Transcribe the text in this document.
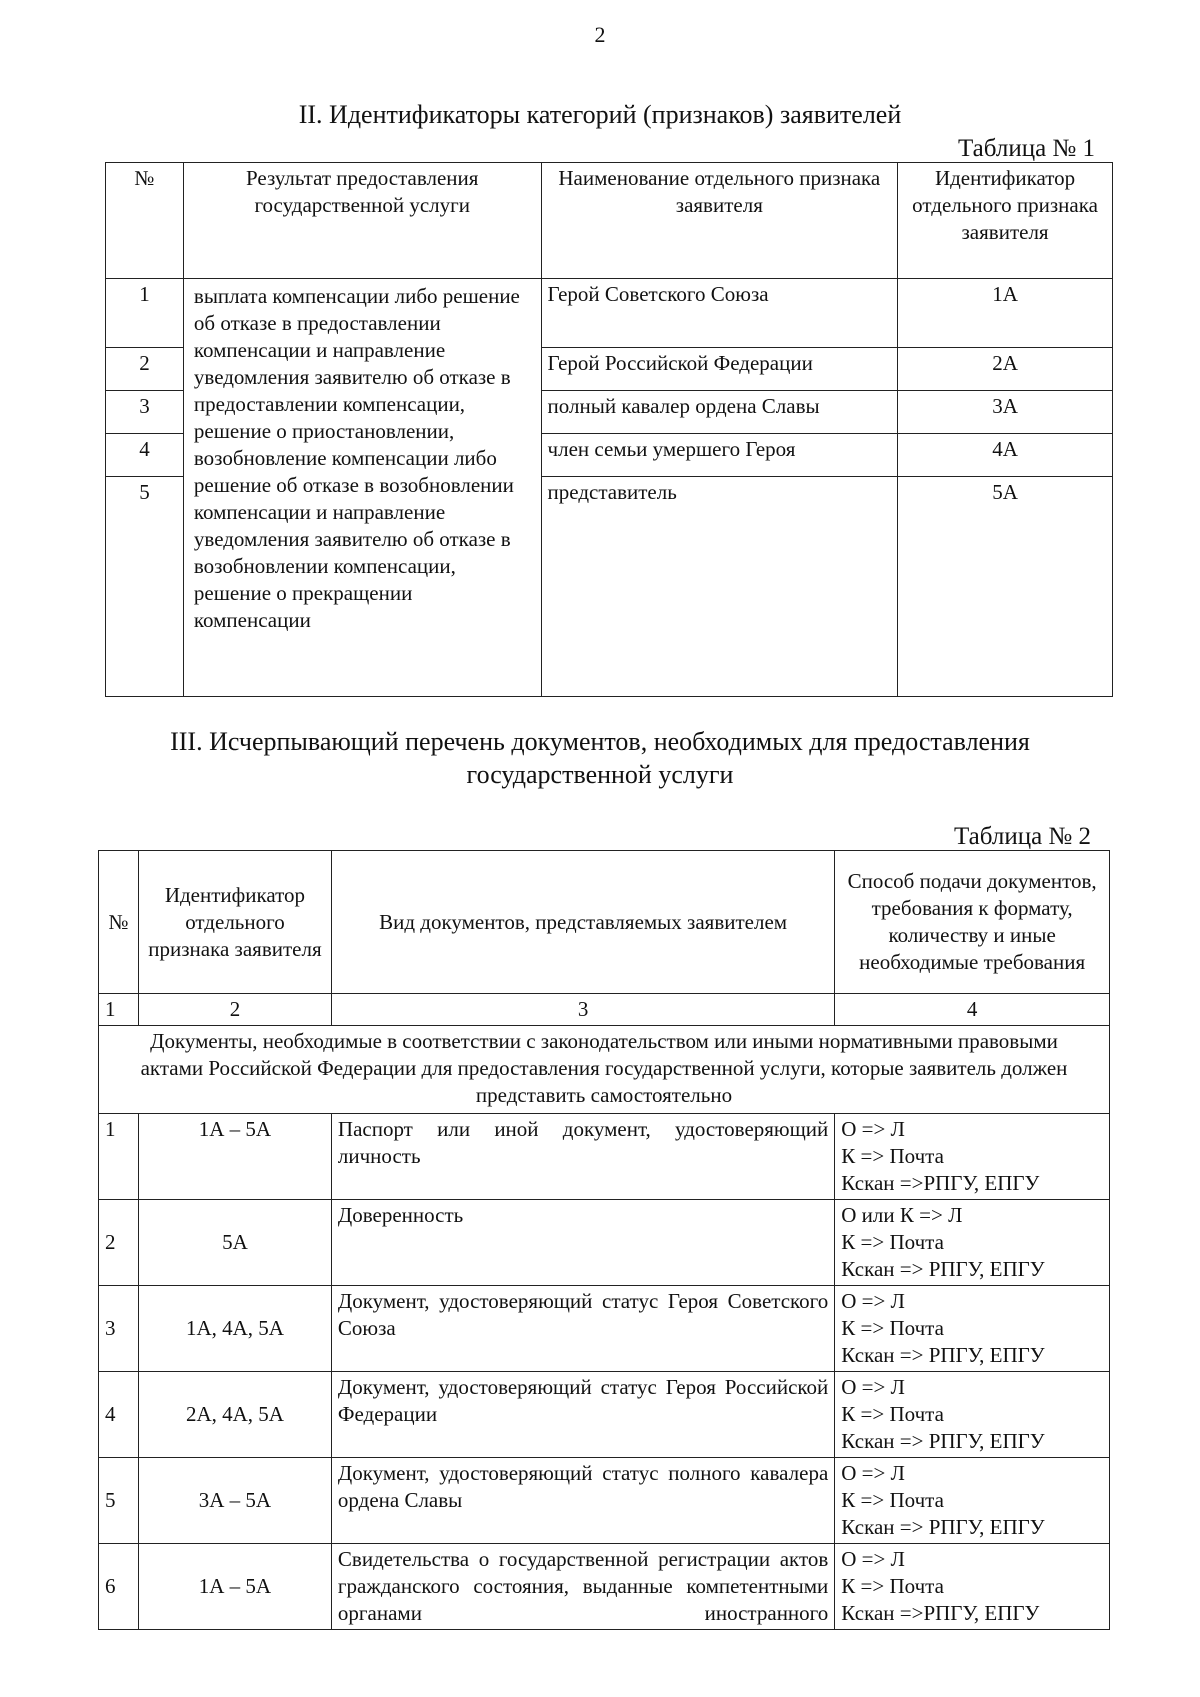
2
II. Идентификаторы категорий (признаков) заявителей
Таблица № 1
№	Результат предоставления государственной услуги	Наименование отдельного признака заявителя	Идентификатор отдельного признака заявителя
1	выплата компенсации либо решение об отказе в предоставлении компенсации и направление уведомления заявителю об отказе в предоставлении компенсации, решение о приостановлении, возобновление компенсации либо решение об отказе в возобновлении компенсации и направление уведомления заявителю об отказе в возобновлении компенсации, решение о прекращении компенсации	Герой Советского Союза	1А
2		Герой Российской Федерации	2А
3		полный кавалер ордена Славы	3А
4		член семьи умершего Героя	4А
5		представитель	5А
III. Исчерпывающий перечень документов, необходимых для предоставления
государственной услуги
Таблица № 2
№	Идентификатор отдельного признака заявителя	Вид документов, представляемых заявителем	Способ подачи документов, требования к формату, количеству и иные необходимые требования
1	2	3	4
Документы, необходимые в соответствии с законодательством или иными нормативными правовыми актами Российской Федерации для предоставления государственной услуги, которые заявитель должен представить самостоятельно			
1	1А – 5А	Паспорт или иной документ, удостоверяющий личность	О => Л
К => Почта
Кскан =>РПГУ, ЕПГУ

2	5А	Доверенность	О или К => Л
К => Почта
Кскан => РПГУ, ЕПГУ

3	1А, 4А, 5А	Документ, удостоверяющий статус Героя Советского Союза	О => Л
К => Почта
Кскан => РПГУ, ЕПГУ

4	2А, 4А, 5А	Документ, удостоверяющий статус Героя Российской Федерации	О => Л
К => Почта
Кскан => РПГУ, ЕПГУ

5	3А – 5А	Документ, удостоверяющий статус полного кавалера ордена Славы	О => Л
К => Почта
Кскан => РПГУ, ЕПГУ

6	1А – 5А	Свидетельства о государственной регистрации актов гражданского состояния, выданные компетентными органами иностранного	О => Л
К => Почта
Кскан =>РПГУ, ЕПГУ
